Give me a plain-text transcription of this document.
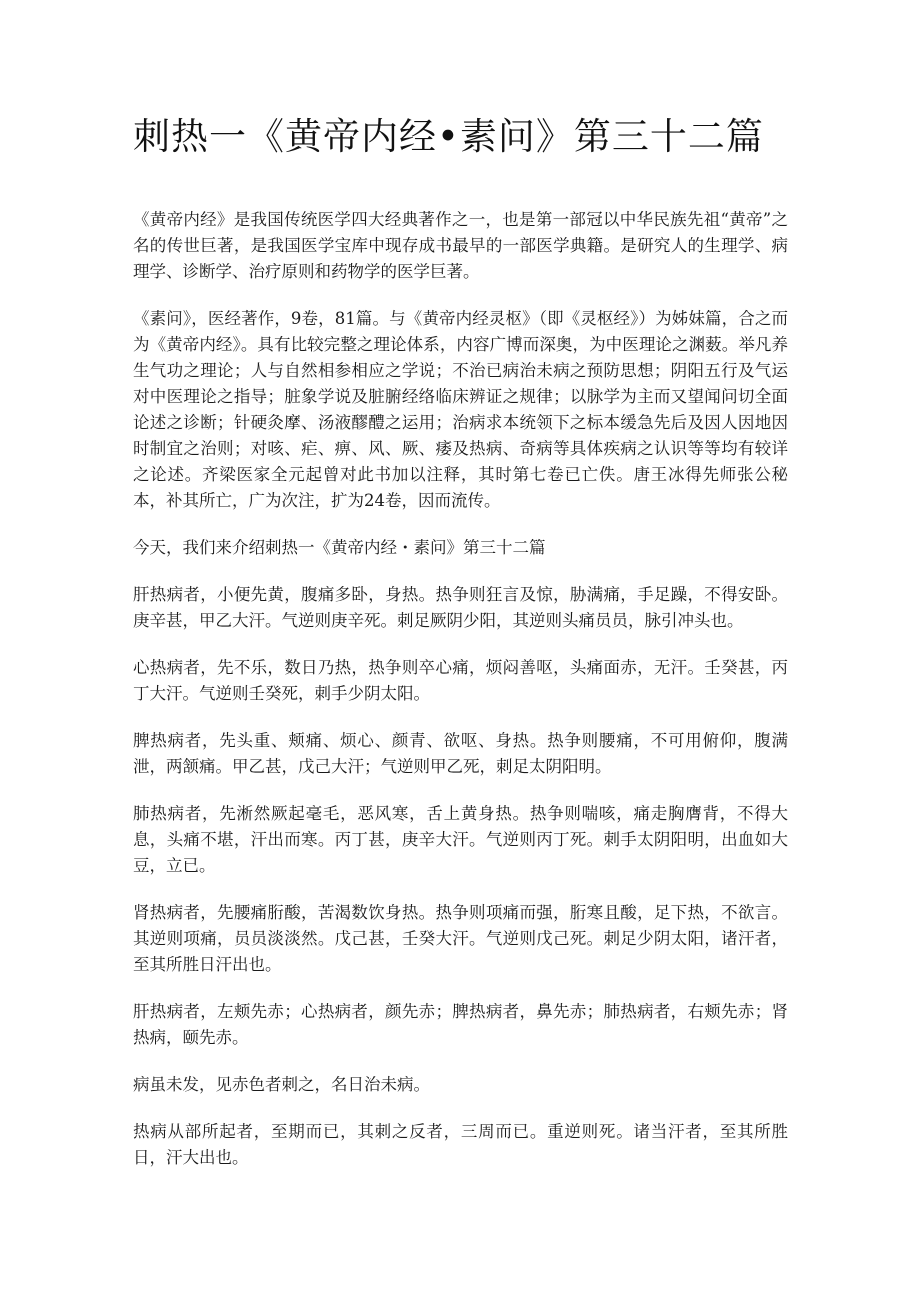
刺热一《黄帝内经•素问》第三十二篇

《黄帝内经》是我国传统医学四大经典著作之一，也是第一部冠以中华民族先祖“黄帝”之名的传世巨著，是我国医学宝库中现存成书最早的一部医学典籍。是研究人的生理学、病理学、诊断学、治疗原则和药物学的医学巨著。

《素问》，医经著作，9卷，81篇。与《黄帝内经灵枢》（即《灵枢经》）为姊妹篇，合之而为《黄帝内经》。具有比较完整之理论体系，内容广博而深奥，为中医理论之渊薮。举凡养生气功之理论；人与自然相参相应之学说；不治已病治未病之预防思想；阴阳五行及气运对中医理论之指导；脏象学说及脏腑经络临床辨证之规律；以脉学为主而又望闻问切全面论述之诊断；针硬灸摩、汤液醪醴之运用；治病求本统领下之标本缓急先后及因人因地因时制宜之治则；对咳、疟、痹、风、厥、痿及热病、奇病等具体疾病之认识等等均有较详之论述。齐梁医家全元起曾对此书加以注释，其时第七卷已亡佚。唐王冰得先师张公秘本，补其所亡，广为次注，扩为24卷，因而流传。

今天，我们来介绍刺热一《黄帝内经・素问》第三十二篇

肝热病者，小便先黄，腹痛多卧，身热。热争则狂言及惊，胁满痛，手足躁，不得安卧。庚辛甚，甲乙大汗。气逆则庚辛死。刺足厥阴少阳，其逆则头痛员员，脉引冲头也。

心热病者，先不乐，数日乃热，热争则卒心痛，烦闷善呕，头痛面赤，无汗。壬癸甚，丙丁大汗。气逆则壬癸死，刺手少阴太阳。

脾热病者，先头重、颊痛、烦心、颜青、欲呕、身热。热争则腰痛，不可用俯仰，腹满泄，两颔痛。甲乙甚，戊己大汗；气逆则甲乙死，刺足太阴阳明。

肺热病者，先淅然厥起毫毛，恶风寒，舌上黄身热。热争则喘咳，痛走胸膺背，不得大息，头痛不堪，汗出而寒。丙丁甚，庚辛大汗。气逆则丙丁死。刺手太阴阳明，出血如大豆，立已。

肾热病者，先腰痛胻酸，苦渴数饮身热。热争则项痛而强，胻寒且酸，足下热，不欲言。其逆则项痛，员员淡淡然。戊己甚，壬癸大汗。气逆则戊己死。刺足少阴太阳，诸汗者，至其所胜日汗出也。

肝热病者，左颊先赤；心热病者，颜先赤；脾热病者，鼻先赤；肺热病者，右颊先赤；肾热病，颐先赤。

病虽未发，见赤色者刺之，名日治未病。

热病从部所起者，至期而已，其刺之反者，三周而已。重逆则死。诸当汗者，至其所胜日，汗大出也。
